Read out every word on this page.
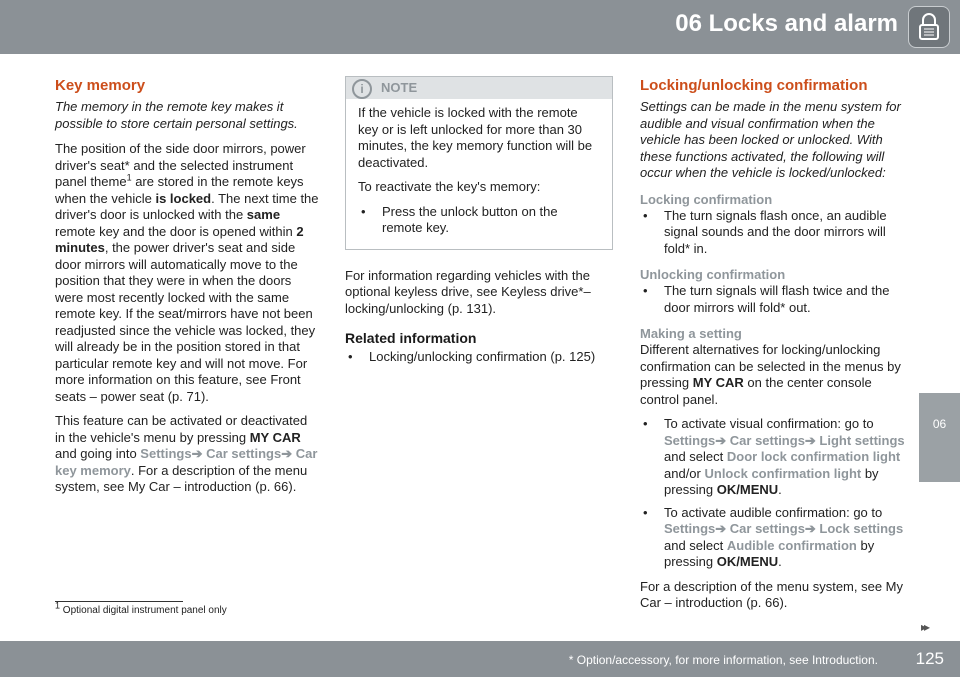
06 Locks and alarm
06
Key memory

The memory in the remote key makes it possible to store certain personal settings.

The position of the side door mirrors, power driver's seat* and the selected instrument panel theme$^1$ are stored in the remote keys when the vehicle is locked. The next time the driver's door is unlocked with the same remote key and the door is opened within 2 minutes, the power driver's seat and side door mirrors will automatically move to the position that they were in when the doors were most recently locked with the same remote key. If the seat/mirrors have not been readjusted since the vehicle was locked, they will already be in the position stored in that particular remote key and will not move. For more information on this feature, see Front seats – power seat (p. 71).

This feature can be activated or deactivated in the vehicle's menu by pressing MY CAR and going into Settings➔ Car settings➔ Car key memory. For a description of the menu system, see My Car – introduction (p. 66).

i	NOTE

If the vehicle is locked with the remote key or is left unlocked for more than 30 minutes, the key memory function will be deactivated.

To reactivate the key's memory:

• Press the unlock button on the remote key.

For information regarding vehicles with the optional keyless drive, see Keyless drive*– locking/unlocking (p. 131).

Related information
• Locking/unlocking confirmation (p. 125)
Locking/unlocking confirmation

Settings can be made in the menu system for audible and visual confirmation when the vehicle has been locked or unlocked. With these functions activated, the following will occur when the vehicle is locked/unlocked:

Locking confirmation
• The turn signals flash once, an audible signal sounds and the door mirrors will fold* in.
Unlocking confirmation
• The turn signals will flash twice and the door mirrors will fold* out.
Making a setting

Different alternatives for locking/unlocking confirmation can be selected in the menus by pressing MY CAR on the center console control panel.

• To activate visual confirmation: go to Settings➔ Car settings➔ Light settings and select Door lock confirmation light and/or Unlock confirmation light by pressing OK/MENU.
• To activate audible confirmation: go to Settings➔ Car settings➔ Lock settings and select Audible confirmation by pressing OK/MENU.

For a description of the menu system, see My Car – introduction (p. 66).

$^1$ Optional digital instrument panel only
▸▸
* Option/accessory, for more information, see Introduction. 125
